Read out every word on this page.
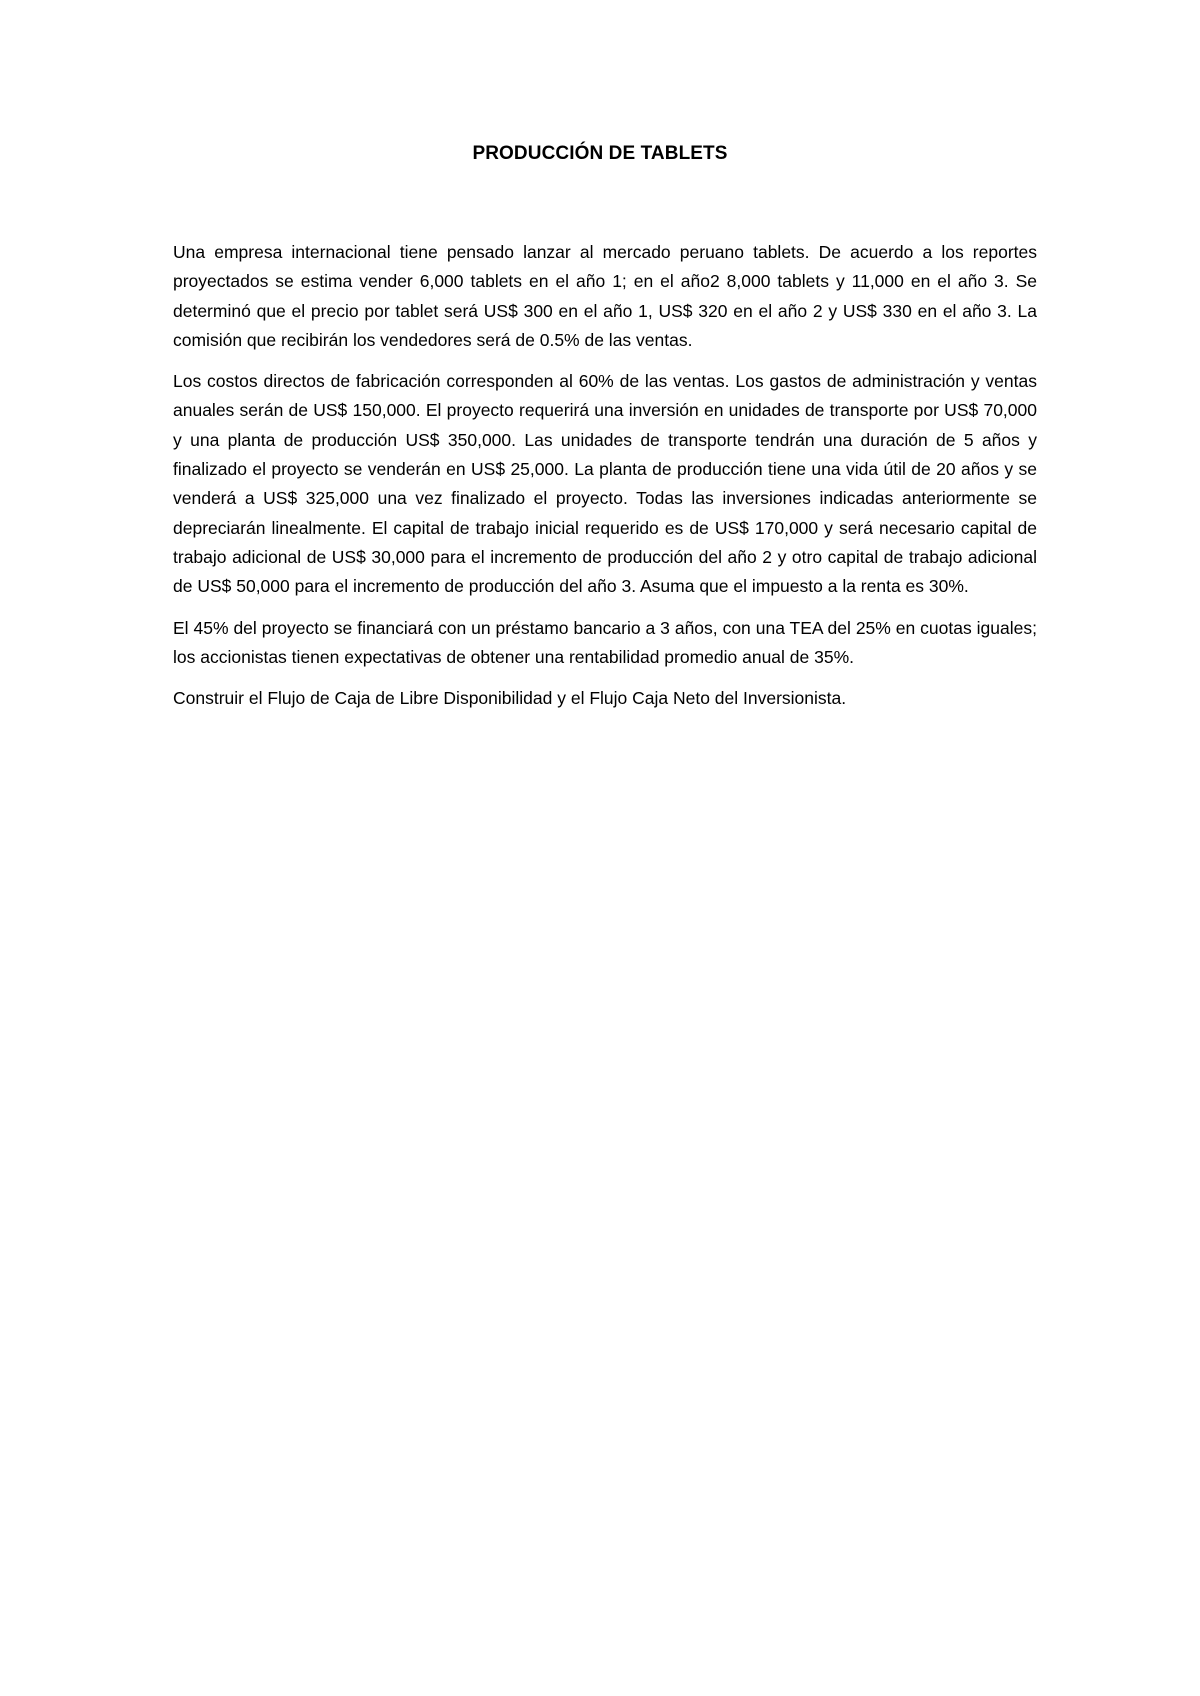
PRODUCCIÓN DE TABLETS

Una empresa internacional tiene pensado lanzar al mercado peruano tablets. De acuerdo a los reportes proyectados se estima vender 6,000 tablets en el año 1; en el año2 8,000 tablets y 11,000 en el año 3. Se determinó que el precio por tablet será US$ 300 en el año 1, US$ 320 en el año 2 y US$ 330 en el año 3. La comisión que recibirán los vendedores será de 0.5% de las ventas.

Los costos directos de fabricación corresponden al 60% de las ventas. Los gastos de administración y ventas anuales serán de US$ 150,000. El proyecto requerirá una inversión en unidades de transporte por US$ 70,000 y una planta de producción US$ 350,000. Las unidades de transporte tendrán una duración de 5 años y finalizado el proyecto se venderán en US$ 25,000. La planta de producción tiene una vida útil de 20 años y se venderá a US$ 325,000 una vez finalizado el proyecto. Todas las inversiones indicadas anteriormente se depreciarán linealmente. El capital de trabajo inicial requerido es de US$ 170,000 y será necesario capital de trabajo adicional de US$ 30,000 para el incremento de producción del año 2 y otro capital de trabajo adicional de US$ 50,000 para el incremento de producción del año 3. Asuma que el impuesto a la renta es 30%.

El 45% del proyecto se financiará con un préstamo bancario a 3 años, con una TEA del 25% en cuotas iguales; los accionistas tienen expectativas de obtener una rentabilidad promedio anual de 35%.

Construir el Flujo de Caja de Libre Disponibilidad y el Flujo Caja Neto del Inversionista.
